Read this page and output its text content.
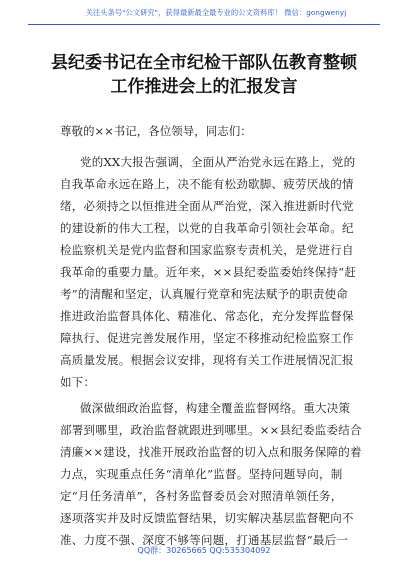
关注头条号"公文研究"，获得最新最全最专业的公文资料库！ 微信：gongwenyj
县纪委书记在全市纪检干部队伍教育整顿
工作推进会上的汇报发言
尊敬的××书记，各位领导，同志们：
党的XX大报告强调，全面从严治党永远在路上，党的
自我革命永远在路上，决不能有松劲歇脚、疲劳厌战的情
绪，必须持之以恒推进全面从严治党，深入推进新时代党
的建设新的伟大工程，以党的自我革命引领社会革命。纪
检监察机关是党内监督和国家监察专责机关，是党进行自
我革命的重要力量。近年来，××县纪委监委始终保持“赶
考”的清醒和坚定，认真履行党章和宪法赋予的职责使命
推进政治监督具体化、精准化、常态化，充分发挥监督保
障执行、促进完善发展作用，坚定不移推动纪检监察工作
高质量发展。根据会议安排，现将有关工作进展情况汇报
如下：
做深做细政治监督，构建全覆盖监督网络。重大决策
部署到哪里，政治监督就跟进到哪里。××县纪委监委结合
清廉××建设，找准开展政治监督的切入点和服务保障的着
力点，实现重点任务“清单化”监督。坚持问题导向，制
定“月任务清单”，各村务监督委员会对照清单领任务，
逐项落实并及时反馈监督结果，切实解决基层监督靶向不
准、力度不强、深度不够等问题，打通基层监督“最后一
QQ群：30265665 QQ:535304092
